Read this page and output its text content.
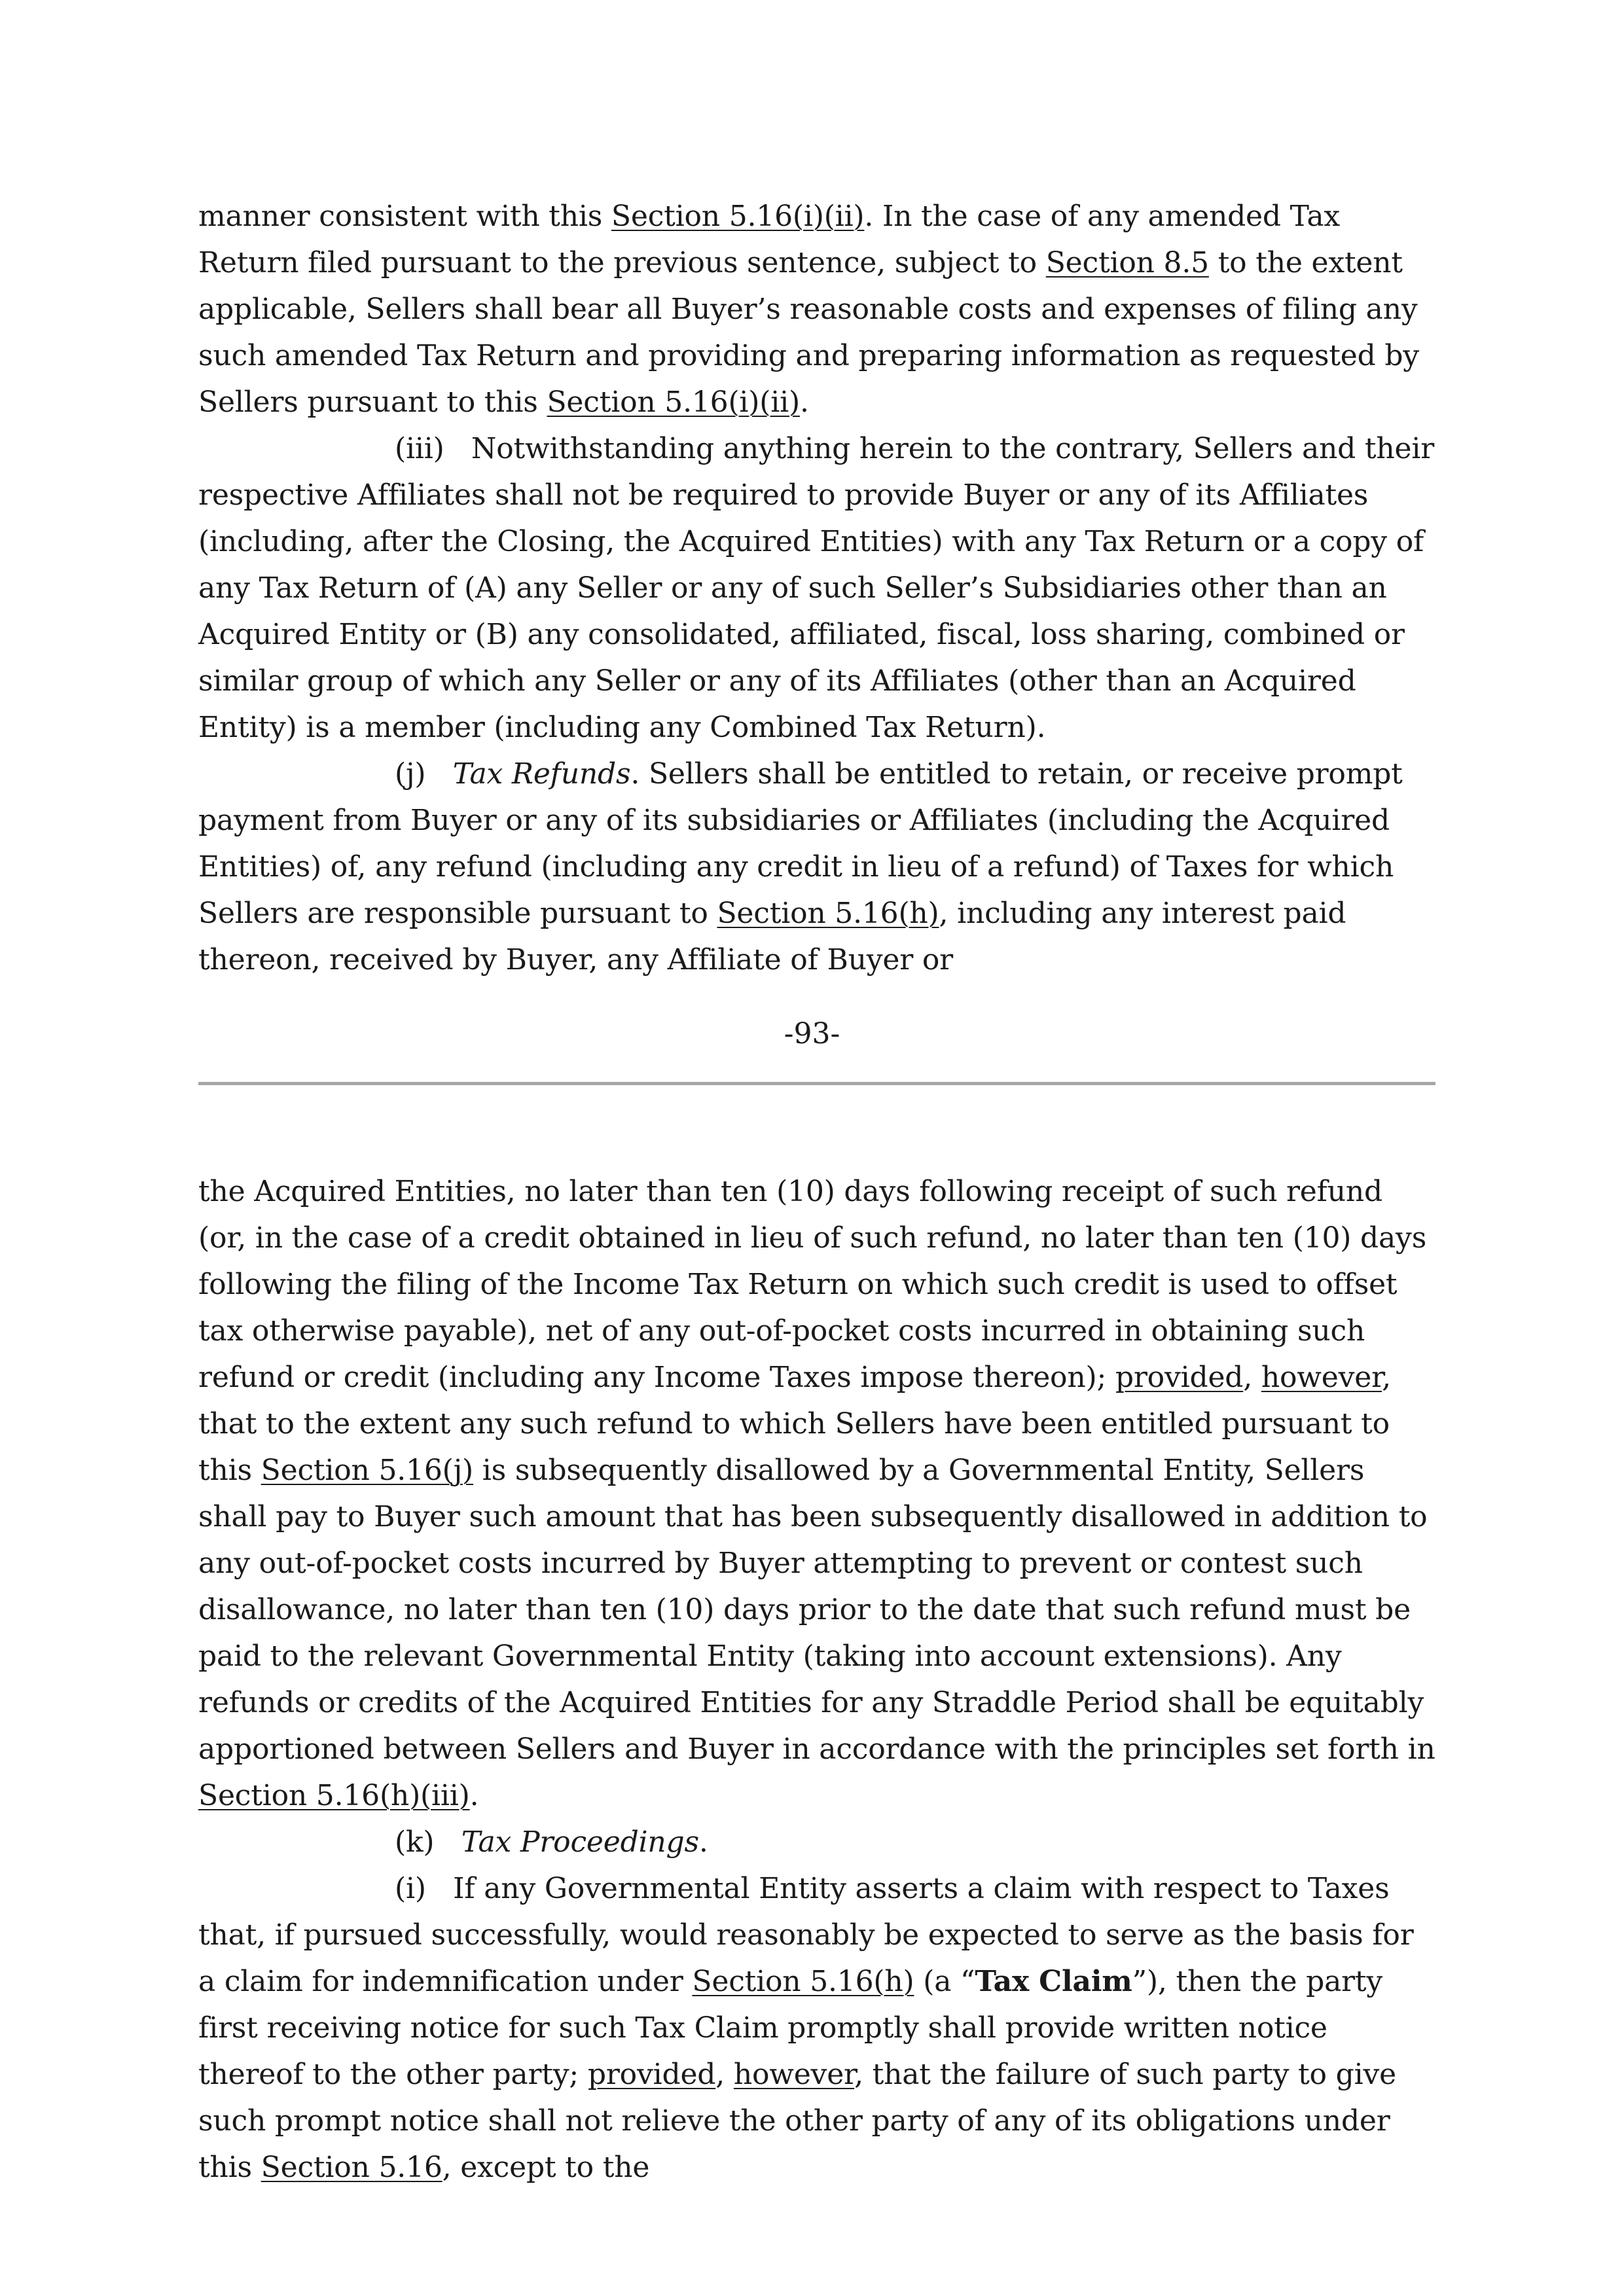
manner consistent with this Section 5.16(i)(ii). In the case of any amended Tax Return filed pursuant to the previous sentence, subject to Section 8.5 to the extent applicable, Sellers shall bear all Buyer’s reasonable costs and expenses of filing any such amended Tax Return and providing and preparing information as requested by Sellers pursuant to this Section 5.16(i)(ii).

(iii) Notwithstanding anything herein to the contrary, Sellers and their respective Affiliates shall not be required to provide Buyer or any of its Affiliates (including, after the Closing, the Acquired Entities) with any Tax Return or a copy of any Tax Return of (A) any Seller or any of such Seller’s Subsidiaries other than an Acquired Entity or (B) any consolidated, affiliated, fiscal, loss sharing, combined or similar group of which any Seller or any of its Affiliates (other than an Acquired Entity) is a member (including any Combined Tax Return).

(j) Tax Refunds. Sellers shall be entitled to retain, or receive prompt payment from Buyer or any of its subsidiaries or Affiliates (including the Acquired Entities) of, any refund (including any credit in lieu of a refund) of Taxes for which Sellers are responsible pursuant to Section 5.16(h), including any interest paid thereon, received by Buyer, any Affiliate of Buyer or

-93-

the Acquired Entities, no later than ten (10) days following receipt of such refund (or, in the case of a credit obtained in lieu of such refund, no later than ten (10) days following the filing of the Income Tax Return on which such credit is used to offset tax otherwise payable), net of any out-of-pocket costs incurred in obtaining such refund or credit (including any Income Taxes impose thereon); provided, however, that to the extent any such refund to which Sellers have been entitled pursuant to this Section 5.16(j) is subsequently disallowed by a Governmental Entity, Sellers shall pay to Buyer such amount that has been subsequently disallowed in addition to any out-of-pocket costs incurred by Buyer attempting to prevent or contest such disallowance, no later than ten (10) days prior to the date that such refund must be paid to the relevant Governmental Entity (taking into account extensions). Any refunds or credits of the Acquired Entities for any Straddle Period shall be equitably apportioned between Sellers and Buyer in accordance with the principles set forth in Section 5.16(h)(iii).

(k) Tax Proceedings.

(i) If any Governmental Entity asserts a claim with respect to Taxes that, if pursued successfully, would reasonably be expected to serve as the basis for a claim for indemnification under Section 5.16(h) (a “Tax Claim”), then the party first receiving notice for such Tax Claim promptly shall provide written notice thereof to the other party; provided, however, that the failure of such party to give such prompt notice shall not relieve the other party of any of its obligations under this Section 5.16, except to the
